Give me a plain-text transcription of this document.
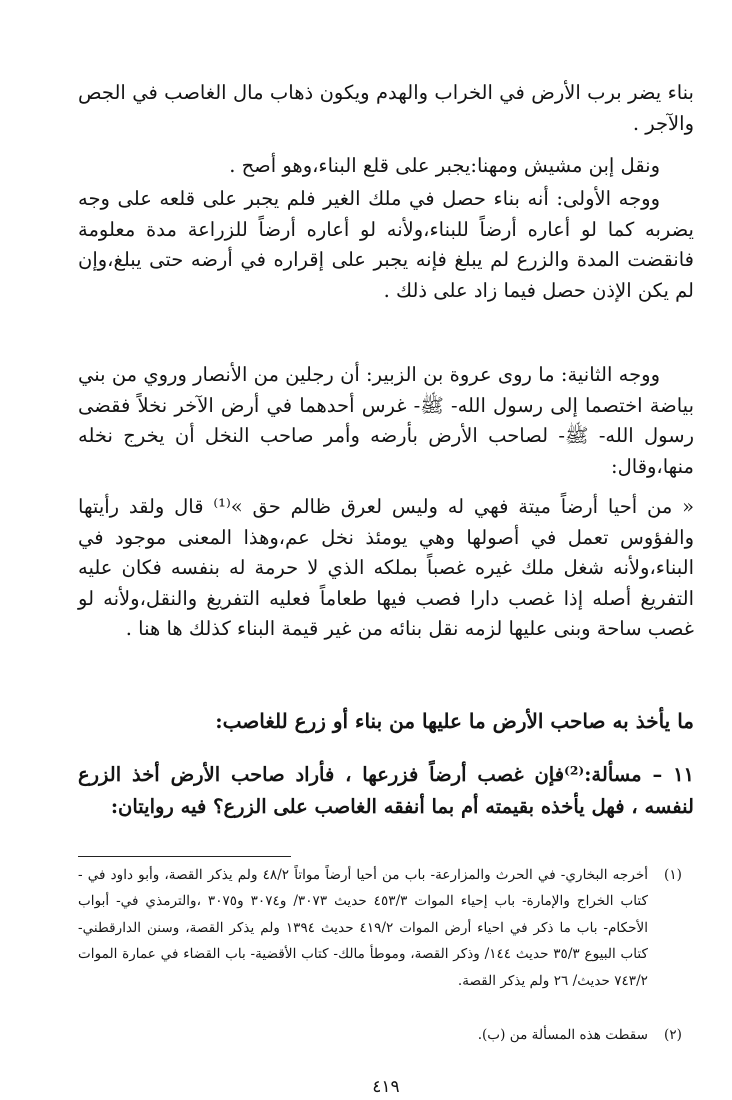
بناء يضر برب الأرض في الخراب والهدم ويكون ذهاب مال الغاصب في الجص والآجر .

ونقل إبن مشيش ومهنا:يجبر على قلع البناء،وهو أصح .

ووجه الأولى: أنه بناء حصل في ملك الغير فلم يجبر على قلعه على وجه يضربه كما لو أعاره أرضاً للبناء،ولأنه لو أعاره أرضاً للزراعة مدة معلومة فانقضت المدة والزرع لم يبلغ فإنه يجبر على إقراره في أرضه حتى يبلغ،وإن لم يكن الإذن حصل فيما زاد على ذلك .

ووجه الثانية: ما روى عروة بن الزبير: أن رجلين من الأنصار وروي من بني بياضة اختصما إلى رسول الله- ﷺ- غرس أحدهما في أرض الآخر نخلاً فقضى رسول الله- ﷺ- لصاحب الأرض بأرضه وأمر صاحب النخل أن يخرج نخله منها،وقال:

« من أحيا أرضاً ميتة فهي له وليس لعرق ظالم حق »⁽¹⁾ قال ولقد رأيتها والفؤوس تعمل في أصولها وهي يومئذ نخل عم،وهذا المعنى موجود في البناء،ولأنه شغل ملك غيره غصباً بملكه الذي لا حرمة له بنفسه فكان عليه التفريغ أصله إذا غصب دارا فصب فيها طعاماً فعليه التفريغ والنقل،ولأنه لو غصب ساحة وبنى عليها لزمه نقل بنائه من غير قيمة البناء كذلك ها هنا .

ما يأخذ به صاحب الأرض ما عليها من بناء أو زرع للغاصب:

١١ – مسألة:⁽²⁾فإن غصب أرضاً فزرعها ، فأراد صاحب الأرض أخذ الزرع لنفسه ، فهل يأخذه بقيمته أم بما أنفقه الغاصب على الزرع؟ فيه روايتان:

(١)
أخرجه البخاري- في الحرث والمزارعة- باب من أحيا أرضاً مواتاً ٤٨/٢ ولم يذكر القصة، وأبو داود في - كتاب الخراج والإمارة- باب إحياء الموات ٤٥٣/٣ حديث ٣٠٧٣/ و٣٠٧٤ و٣٠٧٥ ،والترمذي في- أبواب الأحكام- باب ما ذكر في احياء أرض الموات ٤١٩/٢ حديث ١٣٩٤ ولم يذكر القصة، وسنن الدارقطني- كتاب البيوع ٣٥/٣ حديث ١٤٤/ وذكر القصة، وموطأ مالك- كتاب الأقضية- باب القضاء في عمارة الموات ٧٤٣/٢ حديث/ ٢٦ ولم يذكر القصة.
(٢)
سقطت هذه المسألة من (ب).
٤١٩
